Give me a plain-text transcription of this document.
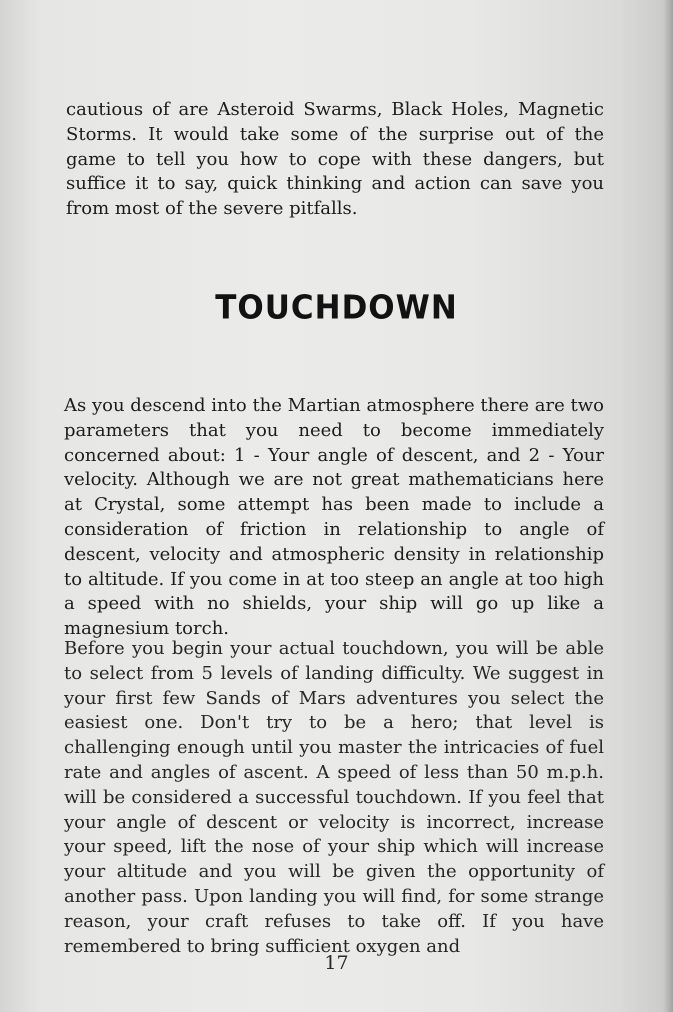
cautious of are Asteroid Swarms, Black Holes, Magnetic Storms. It would take some of the surprise out of the game to tell you how to cope with these dangers, but suffice it to say, quick thinking and action can save you from most of the severe pitfalls.

TOUCHDOWN

As you descend into the Martian atmosphere there are two parameters that you need to become immediately concerned about: 1 - Your angle of descent, and 2 - Your velocity. Although we are not great mathematicians here at Crystal, some attempt has been made to include a consideration of friction in relationship to angle of descent, velocity and atmospheric density in relationship to altitude. If you come in at too steep an angle at too high a speed with no shields, your ship will go up like a magnesium torch.

Before you begin your actual touchdown, you will be able to select from 5 levels of landing difficulty. We suggest in your first few Sands of Mars adventures you select the easiest one. Don't try to be a hero; that level is challenging enough until you master the intricacies of fuel rate and angles of ascent. A speed of less than 50 m.p.h. will be considered a successful touchdown. If you feel that your angle of descent or velocity is incorrect, increase your speed, lift the nose of your ship which will increase your altitude and you will be given the opportunity of another pass. Upon landing you will find, for some strange reason, your craft refuses to take off. If you have remembered to bring sufficient oxygen and

17
